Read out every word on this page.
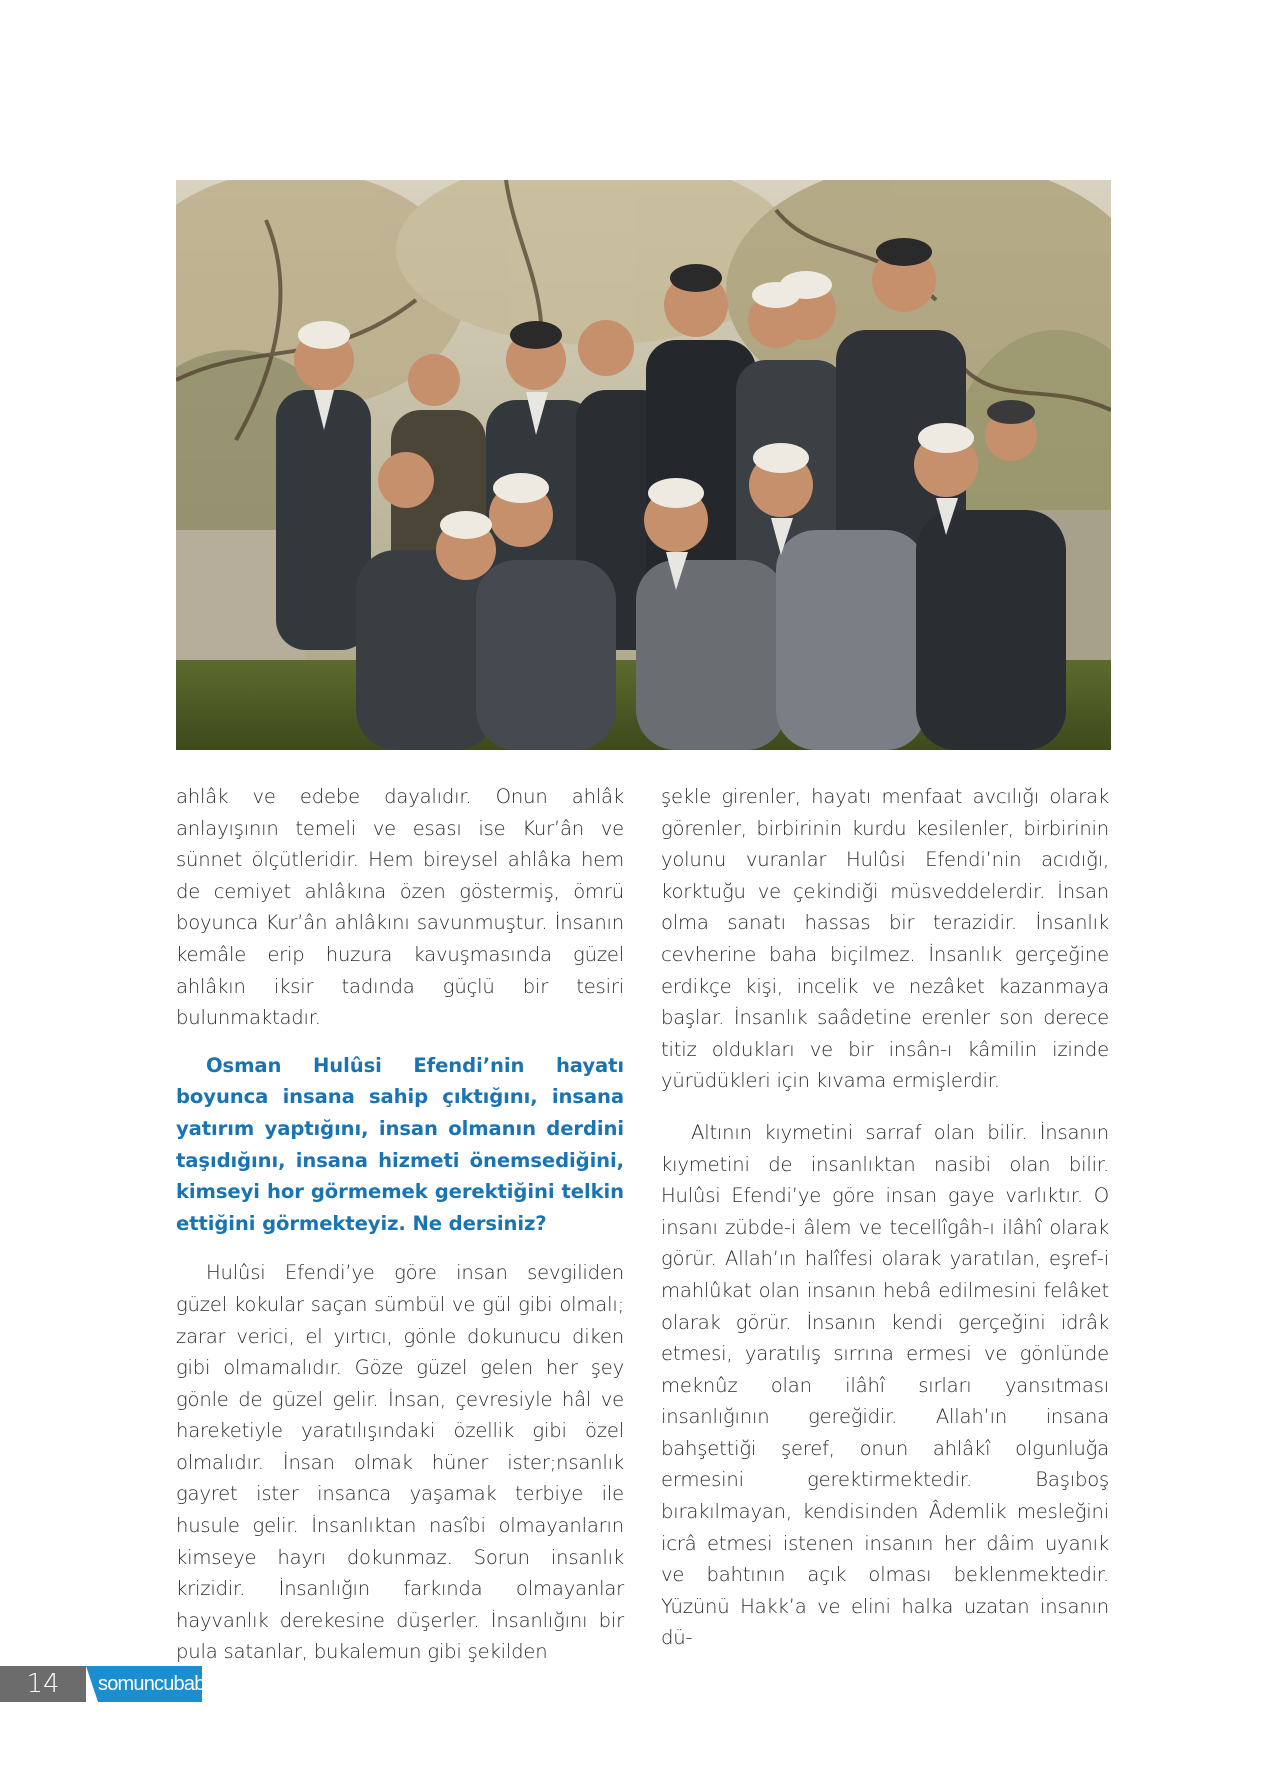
ahlâk ve edebe dayalıdır. Onun ahlâk anlayışının temeli ve esası ise Kur’ân ve sünnet ölçütleridir. Hem bireysel ahlâka hem de cemiyet ahlâkına özen göstermiş, ömrü boyunca Kur’ân ahlâkını savunmuştur. İnsanın kemâle erip huzura kavuşmasında güzel ahlâkın iksir tadında güçlü bir tesiri bulunmaktadır.

Osman Hulûsi Efendi’nin hayatı boyunca insana sahip çıktığını, insana yatırım yaptığını, insan olmanın derdini taşıdığını, insana hizmeti önemsediğini, kimseyi hor görmemek gerektiğini telkin ettiğini görmekteyiz. Ne dersiniz?

Hulûsi Efendi’ye göre insan sevgiliden güzel kokular saçan sümbül ve gül gibi olmalı; zarar verici, el yırtıcı, gönle dokunucu diken gibi olmamalıdır. Göze güzel gelen her şey gönle de güzel gelir. İnsan, çevresiyle hâl ve hareketiyle yaratılışındaki özellik gibi özel olmalıdır. İnsan olmak hüner ister;nsanlık gayret ister insanca yaşamak terbiye ile husule gelir. İnsanlıktan nasîbi olmayanların kimseye hayrı dokunmaz. Sorun insanlık krizidir. İnsanlığın farkında olmayanlar hayvanlık derekesine düşerler. İnsanlığını bir pula satanlar, bukalemun gibi şekilden

şekle girenler, hayatı menfaat avcılığı olarak görenler, birbirinin kurdu kesilenler, birbirinin yolunu vuranlar Hulûsi Efendi’nin acıdığı, korktuğu ve çekindiği müsveddelerdir. İnsan olma sanatı hassas bir terazidir. İnsanlık cevherine baha biçilmez. İnsanlık gerçeğine erdikçe kişi, incelik ve nezâket kazanmaya başlar. İnsanlık saâdetine erenler son derece titiz oldukları ve bir insân-ı kâmilin izinde yürüdükleri için kıvama ermişlerdir.

Altının kıymetini sarraf olan bilir. İnsanın kıymetini de insanlıktan nasibi olan bilir. Hulûsi Efendi’ye göre insan gaye varlıktır. O insanı zübde-i âlem ve tecellîgâh-ı ilâhî olarak görür. Allah’ın halîfesi olarak yaratılan, eşref-i mahlûkat olan insanın hebâ edilmesini felâket olarak görür. İnsanın kendi gerçeğini idrâk etmesi, yaratılış sırrına ermesi ve gönlünde meknûz olan ilâhî sırları yansıtması insanlığının gereğidir. Allah’ın insana bahşettiği şeref, onun ahlâkî olgunluğa ermesini gerektirmektedir. Başıboş bırakılmayan, kendisinden Âdemlik mesleğini icrâ etmesi istenen insanın her dâim uyanık ve bahtının açık olması beklenmektedir. Yüzünü Hakk’a ve elini halka uzatan insanın dü-

14	somuncubaba
